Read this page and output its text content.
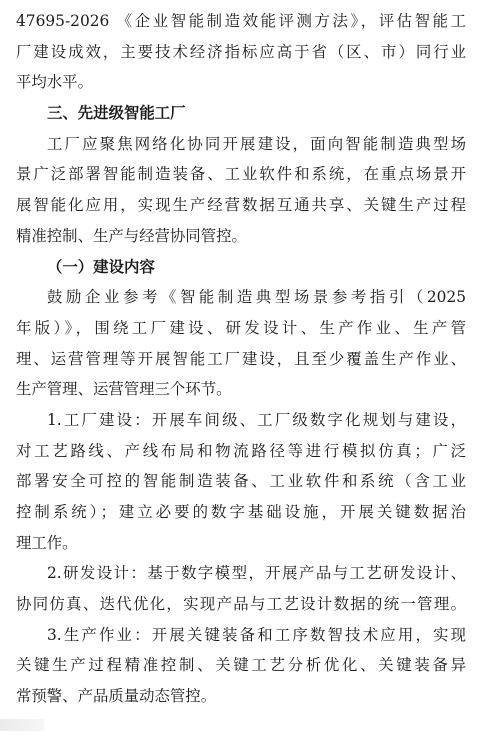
47695-2026 《企业智能制造效能评测方法》，评估智能工
厂建设成效，主要技术经济指标应高于省（区、市）同行业
平均水平。
三、先进级智能工厂
工厂应聚焦网络化协同开展建设，面向智能制造典型场
景广泛部署智能制造装备、工业软件和系统，在重点场景开
展智能化应用，实现生产经营数据互通共享、关键生产过程
精准控制、生产与经营协同管控。
（一）建设内容
鼓励企业参考《智能制造典型场景参考指引（2025
年版）》，围绕工厂建设、研发设计、生产作业、生产管
理、运营管理等开展智能工厂建设，且至少覆盖生产作业、
生产管理、运营管理三个环节。
1.工厂建设：开展车间级、工厂级数字化规划与建设，
对工艺路线、产线布局和物流路径等进行模拟仿真；广泛
部署安全可控的智能制造装备、工业软件和系统（含工业
控制系统）；建立必要的数字基础设施，开展关键数据治
理工作。
2.研发设计：基于数字模型，开展产品与工艺研发设计、
协同仿真、迭代优化，实现产品与工艺设计数据的统一管理。
3.生产作业：开展关键装备和工序数智技术应用，实现
关键生产过程精准控制、关键工艺分析优化、关键装备异
常预警、产品质量动态管控。
